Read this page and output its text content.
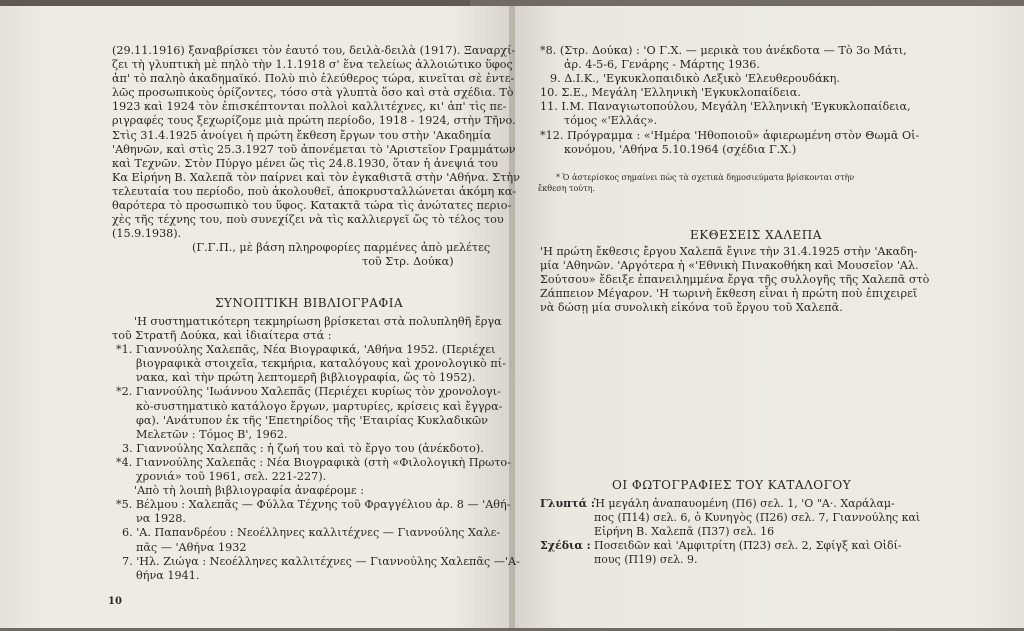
(29.11.1916) ξαναβρίσκει τὸν ἑαυτό του, δειλὰ-δειλὰ (1917). Ξαναρχί-

ζει τὴ γλυπτικὴ μὲ πηλὸ τὴν 1.1.1918 σ' ἕνα τελείως ἀλλοιώτικο ὕφος

ἀπ' τὸ παληὸ ἀκαδημαϊκό. Πολὺ πιὸ ἐλεύθερος τώρα, κινεῖται σὲ ἐντε-

λῶς προσωπικοὺς ὁρίζοντες, τόσο στὰ γλυπτὰ ὅσο καὶ στὰ σχέδια. Τὸ

1923 καὶ 1924 τὸν ἐπισκέπτονται πολλοὶ καλλιτέχνες, κι' ἀπ' τὶς πε-

ριγραφές τους ξεχωρίζομε μιὰ πρώτη περίοδο, 1918 - 1924, στὴν Τῆνο.

Στὶς 31.4.1925 ἀνοίγει ἡ πρώτη ἔκθεση ἔργων του στὴν 'Ακαδημία

'Αθηνῶν, καὶ στὶς 25.3.1927 τοῦ ἀπονέμεται τὸ 'Αριστεῖον Γραμμάτων

καὶ Τεχνῶν. Στὸν Πύργο μένει ὥς τὶς 24.8.1930, ὅταν ἡ ἀνεψιά του

Κα Εἰρήνη Β. Χαλεπᾶ τὸν παίρνει καὶ τὸν ἐγκαθιστᾶ στὴν 'Αθήνα. Στὴν

τελευταία του περίοδο, ποὺ ἀκολουθεῖ, ἀποκρυσταλλώνεται ἀκόμη κα-

θαρότερα τὸ προσωπικὸ του ὕφος. Κατακτᾶ τώρα τὶς ἀνώτατες περιο-

χὲς τῆς τέχνης του, ποὺ συνεχίζει νὰ τὶς καλλιεργεῖ ὥς τὸ τέλος του

(15.9.1938).

(Γ.Γ.Π., μὲ βάση πληροφορίες παρμένες ἀπὸ μελέτες

τοῦ Στρ. Δούκα)

ΣΥΝΟΠΤΙΚΗ ΒΙΒΛΙΟΓΡΑΦΙΑ

'Η συστηματικότερη τεκμηρίωση βρίσκεται στὰ πολυπληθῆ ἔργα

τοῦ Στρατῆ Δούκα, καὶ ἰδιαίτερα στά :

*1. Γιαννούλης Χαλεπᾶς, Νέα Βιογραφικά, 'Αθήνα 1952. (Περιέχει

βιογραφικὰ στοιχεῖα, τεκμήρια, καταλόγους καὶ χρονολογικὸ πί-

νακα, καὶ τὴν πρώτη λεπτομερῆ βιβλιογραφία, ὥς τὸ 1952).

*2. Γιαννούλης 'Ιωάννου Χαλεπᾶς (Περιέχει κυρίως τὸν χρονολογι-

κὸ-συστηματικὸ κατάλογο ἔργων, μαρτυρίες, κρίσεις καὶ ἔγγρα-

φα). 'Ανάτυπον ἐκ τῆς 'Επετηρίδος τῆς 'Εταιρίας Κυκλαδικῶν

Μελετῶν : Τόμος Β', 1962.

3. Γιαννούλης Χαλεπᾶς : ἡ ζωή του καὶ τὸ ἔργο του (ἀνέκδοτο).

*4. Γιαννούλης Χαλεπᾶς : Νέα Βιογραφικὰ (στὴ «Φιλολογικὴ Πρωτο-

χρονιά» τοῦ 1961, σελ. 221-227).

'Απὸ τὴ λοιπὴ βιβλιογραφία ἀναφέρομε :

*5. Βέλμου : Χαλεπᾶς — Φύλλα Τέχνης τοῦ Φραγγέλιου ἀρ. 8 — 'Αθή-

να 1928.

6. 'Α. Παπανδρέου : Νεοέλληνες καλλιτέχνες — Γιαννούλης Χαλε-

πᾶς — 'Αθήνα 1932

7. 'Ηλ. Ζιώγα : Νεοέλληνες καλλιτέχνες — Γιαννούλης Χαλεπᾶς —'Α-

θήνα 1941.

10

*8. (Στρ. Δούκα) : 'Ο Γ.Χ. — μερικὰ του ἀνέκδοτα — Τὸ 3ο Μάτι,

ἀρ. 4-5-6, Γενάρης - Μάρτης 1936.

9. Δ.Ι.Κ., 'Εγκυκλοπαιδικὸ Λεξικὸ 'Ελευθερουδάκη.

10. Σ.Ε., Μεγάλη 'Ελληνικὴ 'Εγκυκλοπαίδεια.

11. Ι.Μ. Παναγιωτοπούλου, Μεγάλη 'Ελληνικὴ 'Εγκυκλοπαίδεια,

τόμος «'Ελλάς».

*12. Πρόγραμμα : «'Ημέρα 'Ηθοποιοῦ» ἀφιερωμένη στὸν Θωμᾶ Οἰ-

κονόμου, 'Αθήνα 5.10.1964 (σχέδια Γ.Χ.)

* Ὁ ἀστερίσκος σημαίνει πὼς τὰ σχετικὰ δημοσιεύματα βρίσκονται στὴν
ἔκθεση τούτη.
ΕΚΘΕΣΕΙΣ ΧΑΛΕΠΑ

'Η πρώτη ἔκθεσις ἔργου Χαλεπᾶ ἔγινε τὴν 31.4.1925 στὴν 'Ακαδη-

μία 'Αθηνῶν. 'Αργότερα ἡ «'Εθνικὴ Πινακοθήκη καὶ Μουσεῖον 'Αλ.

Σούτσου» ἔδειξε ἐπανειλημμένα ἔργα τῆς συλλογῆς τῆς Χαλεπᾶ στὸ

Ζάππειον Μέγαρον. 'Η τωρινὴ ἔκθεση εἶναι ἡ πρώτη ποὺ ἐπιχειρεῖ

νὰ δώσῃ μία συνολικὴ εἰκόνα τοῦ ἔργου τοῦ Χαλεπᾶ.

ΟΙ ΦΩΤΟΓΡΑΦΙΕΣ ΤΟΥ ΚΑΤΑΛΟΓΟΥ

Γλυπτά :Ἡ μεγάλη ἀναπαυομένη (Π6) σελ. 1, 'Ο "Α·. Χαράλαμ-

πος (Π14) σελ. 6, ὁ Κυνηγὸς (Π26) σελ. 7, Γιαννούλης καὶ

Εἰρήνη Β. Χαλεπᾶ (Π37) σελ. 16

Σχέδια : Ποσειδῶν καὶ 'Αμφιτρίτη (Π23) σελ. 2, Σφίγξ καὶ Οἰδί-

πους (Π19) σελ. 9.
